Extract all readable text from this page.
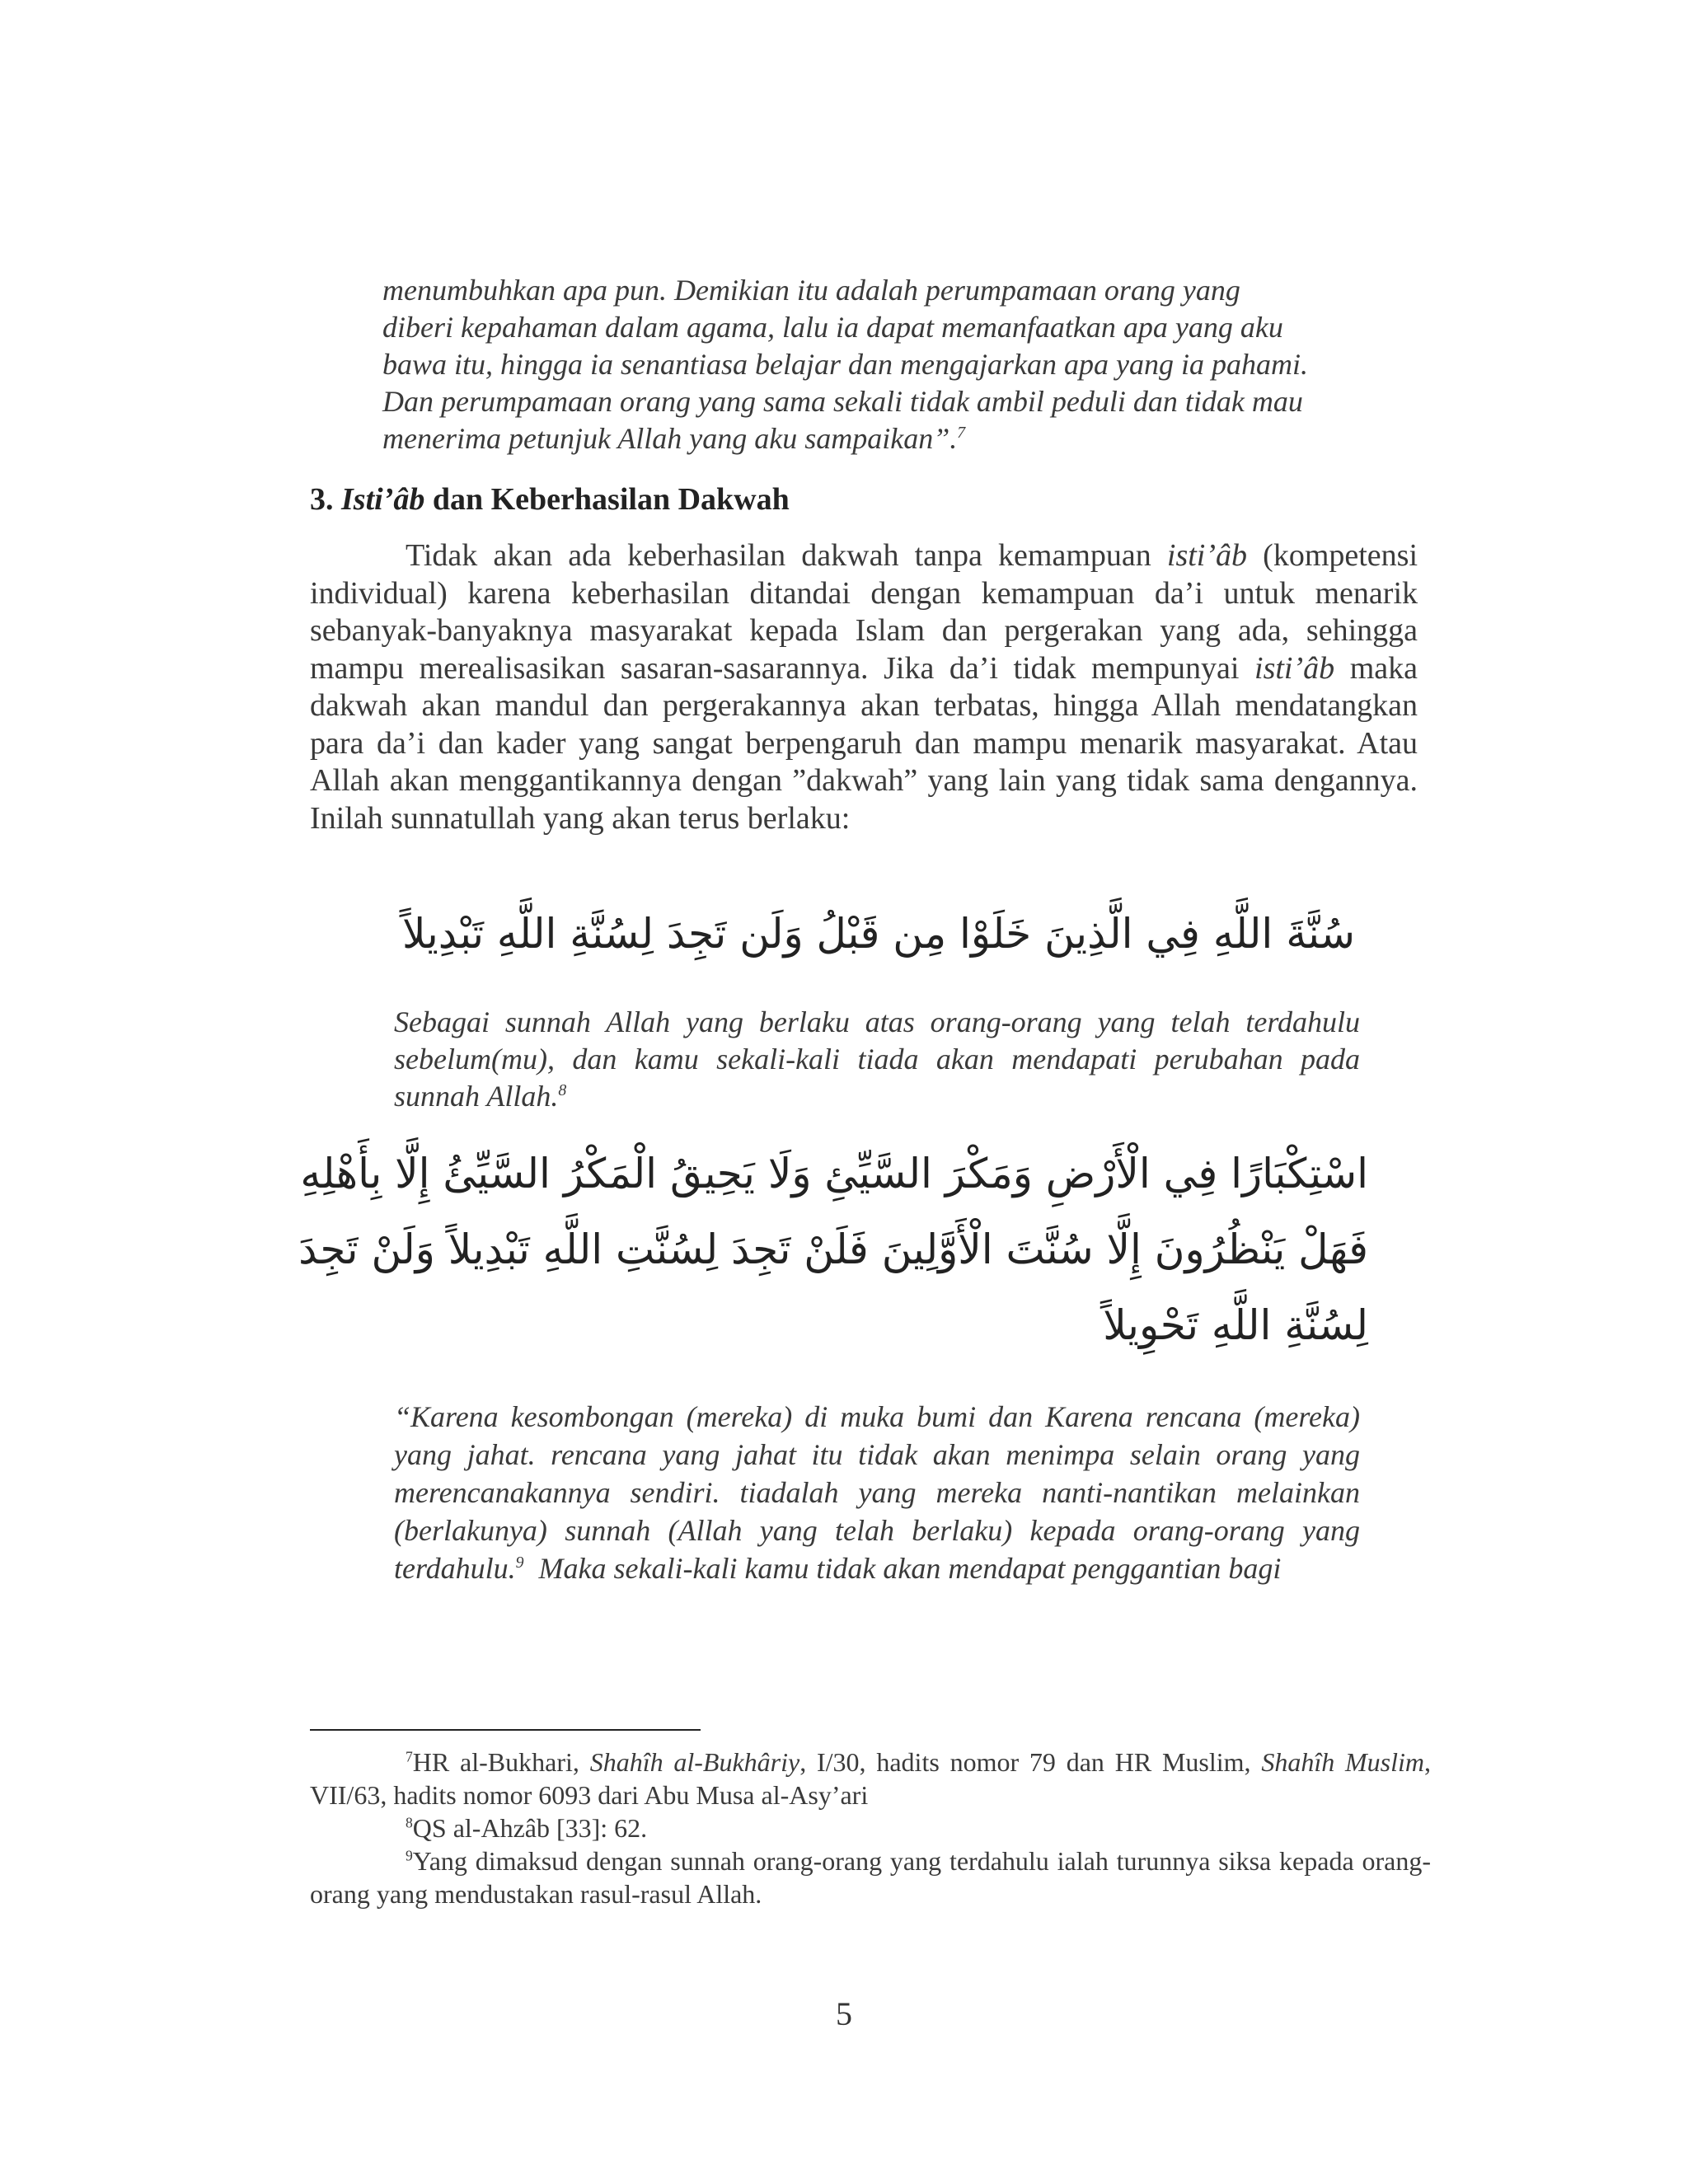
menumbuhkan apa pun. Demikian itu adalah perumpamaan orang yang

diberi kepahaman dalam agama, lalu ia dapat memanfaatkan apa yang aku

bawa itu, hingga ia senantiasa belajar dan mengajarkan apa yang ia pahami.

Dan perumpamaan orang yang sama sekali tidak ambil peduli dan tidak mau

menerima petunjuk Allah yang aku sampaikan”.$^7$

3. Isti’âb dan Keberhasilan Dakwah

Tidak akan ada keberhasilan dakwah tanpa kemampuan isti’âb (kompetensi individual) karena keberhasilan ditandai dengan kemampuan da’i untuk menarik sebanyak-banyaknya masyarakat kepada Islam dan pergerakan yang ada, sehingga mampu merealisasikan sasaran-sasarannya. Jika da’i tidak mempunyai isti’âb maka dakwah akan mandul dan pergerakannya akan terbatas, hingga Allah mendatangkan para da’i dan kader yang sangat berpengaruh dan mampu menarik masyarakat. Atau Allah akan menggantikannya dengan ”dakwah” yang lain yang tidak sama dengannya. Inilah sunnatullah yang akan terus berlaku:

سُنَّةَ اللَّهِ فِي الَّذِينَ خَلَوْا مِن قَبْلُ وَلَن تَجِدَ لِسُنَّةِ اللَّهِ تَبْدِيلاً

Sebagai sunnah Allah yang berlaku atas orang-orang yang telah terdahulu sebelum(mu), dan kamu sekali-kali tiada akan mendapati perubahan pada sunnah Allah.$^8$

اسْتِكْبَارًا فِي الْأَرْضِ وَمَكْرَ السَّيِّئِ وَلَا يَحِيقُ الْمَكْرُ السَّيِّئُ إِلَّا بِأَهْلِهِ
فَهَلْ يَنْظُرُونَ إِلَّا سُنَّتَ الْأَوَّلِينَ فَلَنْ تَجِدَ لِسُنَّتِ اللَّهِ تَبْدِيلاً وَلَنْ تَجِدَ
لِسُنَّةِ اللَّهِ تَحْوِيلاً

“Karena kesombongan (mereka) di muka bumi dan Karena rencana (mereka) yang jahat. rencana yang jahat itu tidak akan menimpa selain orang yang merencanakannya sendiri. tiadalah yang mereka nanti-nantikan melainkan (berlakunya) sunnah (Allah yang telah berlaku) kepada orang-orang yang terdahulu.$^9$ Maka sekali-kali kamu tidak akan mendapat penggantian bagi

$^7$HR al-Bukhari, Shahîh al-Bukhâriy, I/30, hadits nomor 79 dan HR Muslim, Shahîh Muslim, VII/63, hadits nomor 6093 dari Abu Musa al-Asy’ari

$^8$QS al-Ahzâb [33]: 62.

$^9$Yang dimaksud dengan sunnah orang-orang yang terdahulu ialah turunnya siksa kepada orang-orang yang mendustakan rasul-rasul Allah.

5
